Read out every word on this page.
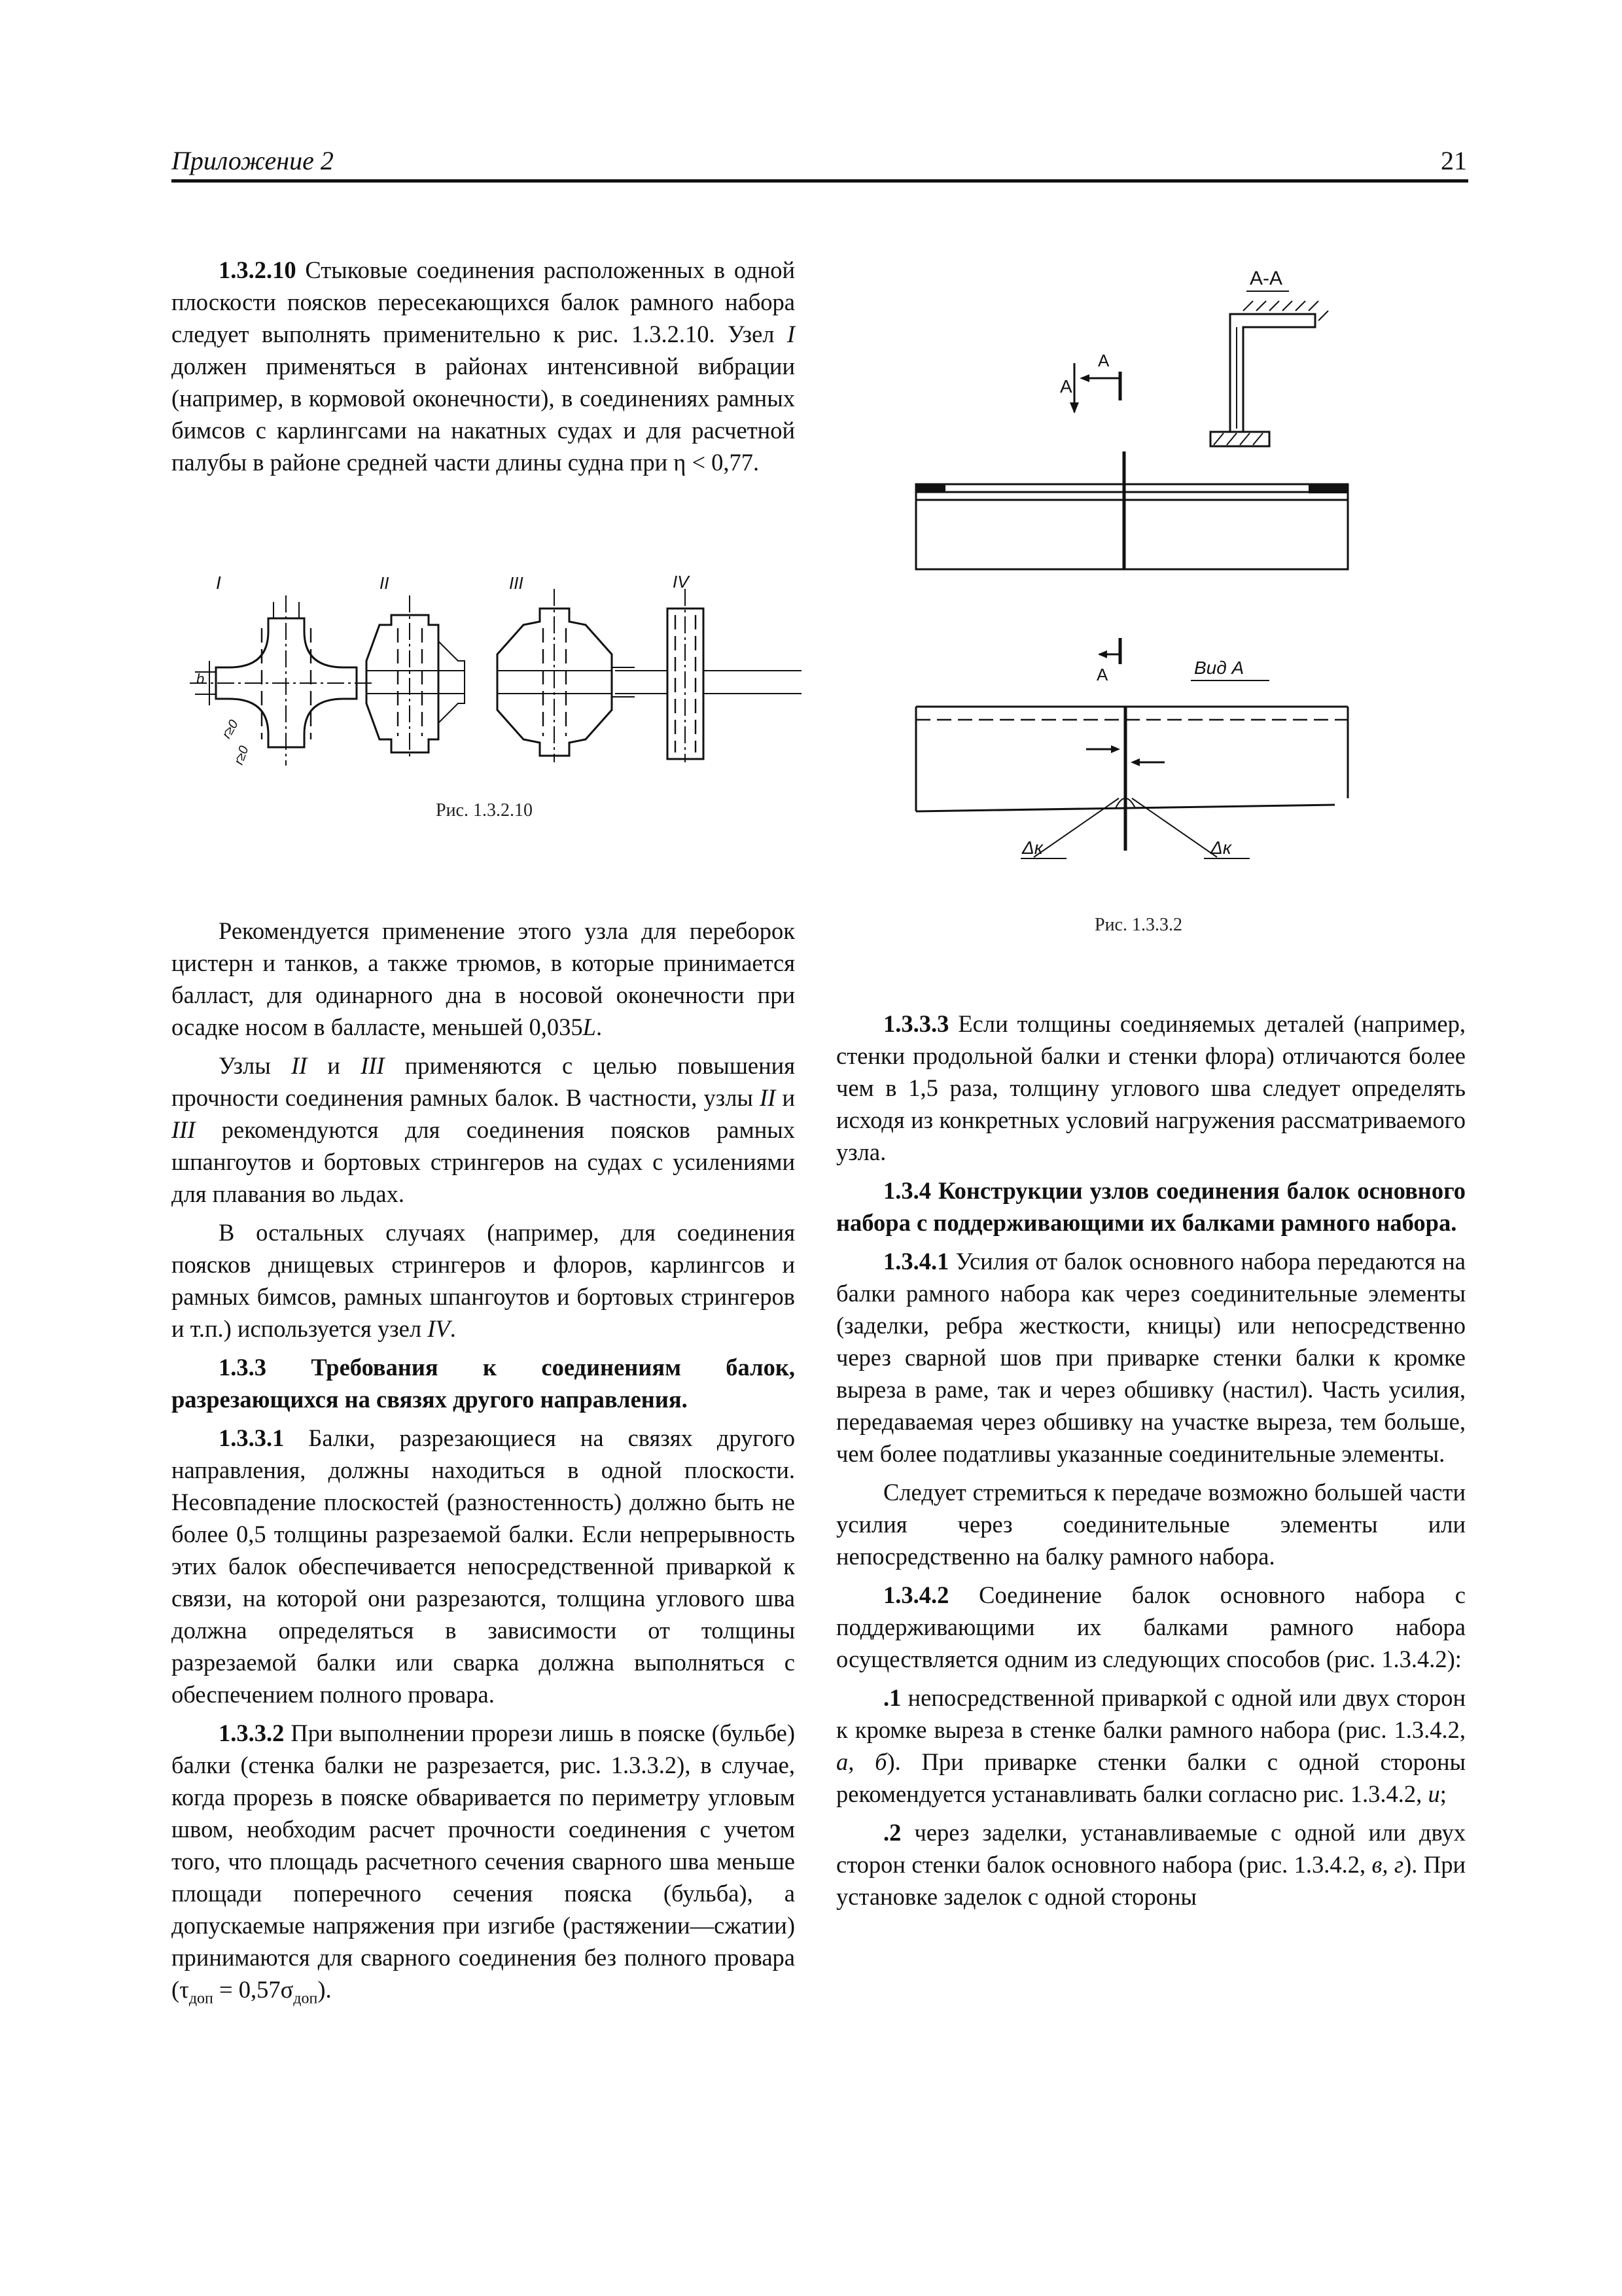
Приложение 2	21

1.3.2.10 Стыковые соединения расположенных в одной плоскости поясков пересекающихся балок рамного набора следует выполнять применительно к рис. 1.3.2.10. Узел I должен применяться в районах интенсивной вибрации (например, в кормовой оконечности), в соединениях рамных бимсов с карлингсами на накатных судах и для расчетной палубы в районе средней части длины судна при η < 0,77.

I	II	III	IV
b
r≥0
r≥0
Рис. 1.3.2.10

Рекомендуется применение этого узла для переборок цистерн и танков, а также трюмов, в которые принимается балласт, для одинарного дна в носовой оконечности при осадке носом в балласте, меньшей 0,035L.

Узлы II и III применяются с целью повышения прочности соединения рамных балок. В частности, узлы II и III рекомендуются для соединения поясков рамных шпангоутов и бортовых стрингеров на судах с усилениями для плавания во льдах.

В остальных случаях (например, для соединения поясков днищевых стрингеров и флоров, карлингсов и рамных бимсов, рамных шпангоутов и бортовых стрингеров и т.п.) используется узел IV.

1.3.3 Требования к соединениям балок, разрезающихся на связях другого направления.

1.3.3.1 Балки, разрезающиеся на связях другого направления, должны находиться в одной плоскости. Несовпадение плоскостей (разностенность) должно быть не более 0,5 толщины разрезаемой балки. Если непрерывность этих балок обеспечивается непосредственной приваркой к связи, на которой они разрезаются, толщина углового шва должна определяться в зависимости от толщины разрезаемой балки или сварка должна выполняться с обеспечением полного провара.

1.3.3.2 При выполнении прорези лишь в пояске (бульбе) балки (стенка балки не разрезается, рис. 1.3.3.2), в случае, когда прорезь в пояске обваривается по периметру угловым швом, необходим расчет прочности соединения с учетом того, что площадь расчетного сечения сварного шва меньше площади поперечного сечения пояска (бульба), а допускаемые напряжения при изгибе (растяжении—сжатии) принимаются для сварного соединения без полного провара $(\tau_{доп} = 0,57\sigma_{доп})$.

А-А
А
А
А	Вид А
Δк	Δк
Рис. 1.3.3.2

1.3.3.3 Если толщины соединяемых деталей (например, стенки продольной балки и стенки флора) отличаются более чем в 1,5 раза, толщину углового шва следует определять исходя из конкретных условий нагружения рассматриваемого узла.

1.3.4 Конструкции узлов соединения балок основного набора с поддерживающими их балками рамного набора.

1.3.4.1 Усилия от балок основного набора передаются на балки рамного набора как через соединительные элементы (заделки, ребра жесткости, кницы) или непосредственно через сварной шов при приварке стенки балки к кромке выреза в раме, так и через обшивку (настил). Часть усилия, передаваемая через обшивку на участке выреза, тем больше, чем более податливы указанные соединительные элементы.

Следует стремиться к передаче возможно большей части усилия через соединительные элементы или непосредственно на балку рамного набора.

1.3.4.2 Соединение балок основного набора с поддерживающими их балками рамного набора осуществляется одним из следующих способов (рис. 1.3.4.2):

.1 непосредственной приваркой с одной или двух сторон к кромке выреза в стенке балки рамного набора (рис. 1.3.4.2, а, б). При приварке стенки балки с одной стороны рекомендуется устанавливать балки согласно рис. 1.3.4.2, и;

.2 через заделки, устанавливаемые с одной или двух сторон стенки балок основного набора (рис. 1.3.4.2, в, г). При установке заделок с одной стороны
